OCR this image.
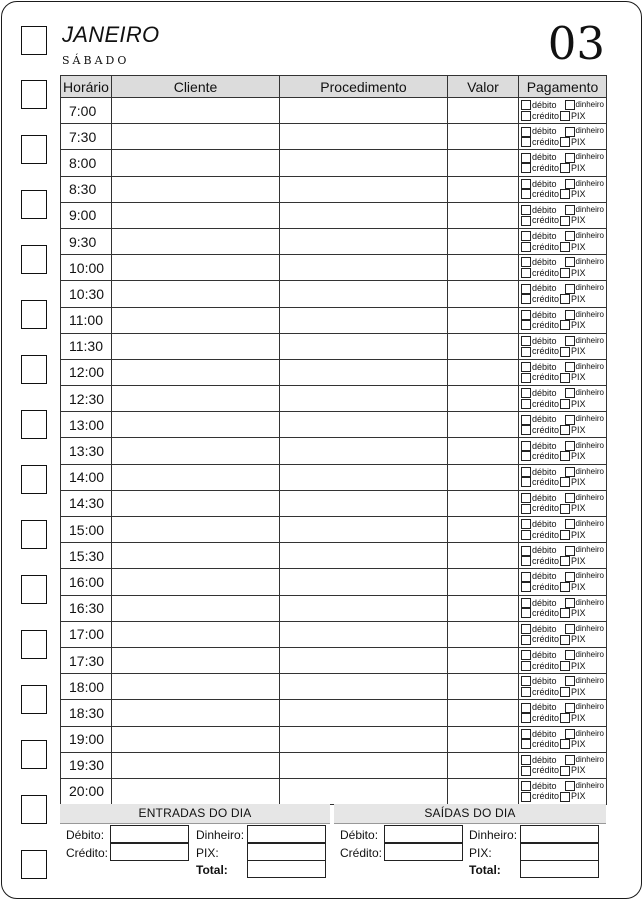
JANEIRO
SÁBADO	03
Horário	Cliente	Procedimento	Valor	Pagamento
7:00				débito dinheiro
crédito PIX

7:30				débito dinheiro
crédito PIX

8:00				débito dinheiro
crédito PIX

8:30				débito dinheiro
crédito PIX

9:00				débito dinheiro
crédito PIX

9:30				débito dinheiro
crédito PIX

10:00				débito dinheiro
crédito PIX

10:30				débito dinheiro
crédito PIX

11:00				débito dinheiro
crédito PIX

11:30				débito dinheiro
crédito PIX

12:00				débito dinheiro
crédito PIX

12:30				débito dinheiro
crédito PIX

13:00				débito dinheiro
crédito PIX

13:30				débito dinheiro
crédito PIX

14:00				débito dinheiro
crédito PIX

14:30				débito dinheiro
crédito PIX

15:00				débito dinheiro
crédito PIX

15:30				débito dinheiro
crédito PIX

16:00				débito dinheiro
crédito PIX

16:30				débito dinheiro
crédito PIX

17:00				débito dinheiro
crédito PIX

17:30				débito dinheiro
crédito PIX

18:00				débito dinheiro
crédito PIX

18:30				débito dinheiro
crédito PIX

19:00				débito dinheiro
crédito PIX

19:30				débito dinheiro
crédito PIX

20:00				débito dinheiro
crédito PIX
ENTRADAS DO DIA
Débito:
Crédito:
Dinheiro:
PIX:
Total:
SAÍDAS DO DIA
Débito:
Crédito:
Dinheiro:
PIX:
Total:
